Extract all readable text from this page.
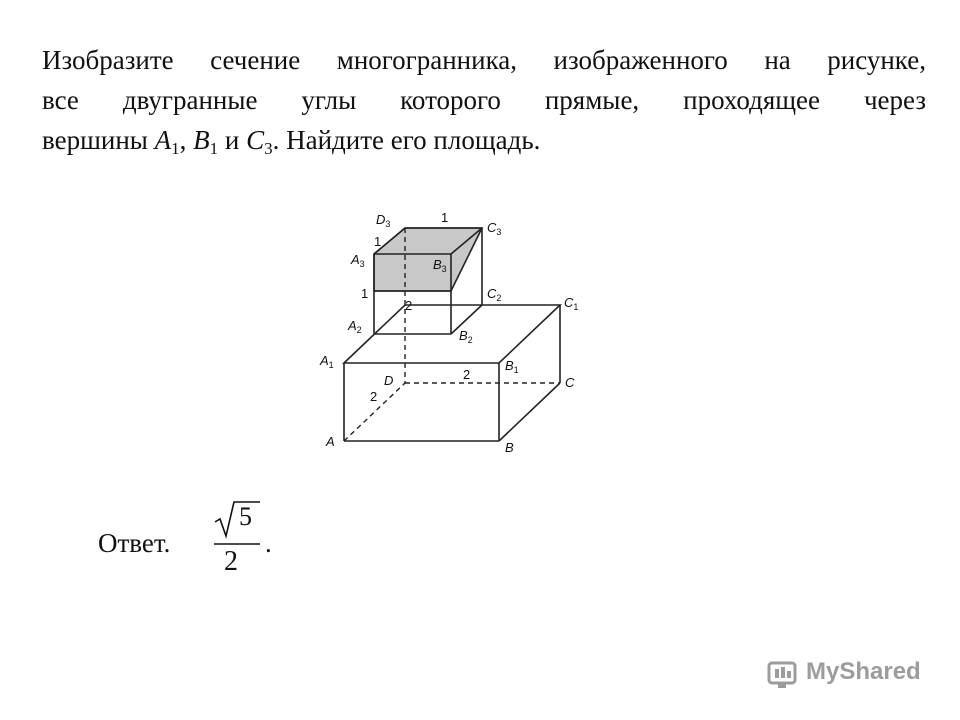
Изобразите сечение многогранника, изображенного на рисунке,
все двугранные углы которого прямые, проходящее через
вершины $A_1$, $B_1$ и $C_3$. Найдите его площадь.

$D_3$	$C_3$
$A_3$	$B_3$
$C_2$
$A_2$	$B_2$
$C_1$
$A_1$	$B_1$
D	C
A	B
1
1
1
2
2
2
Ответ.
5
2
.
MyShared
